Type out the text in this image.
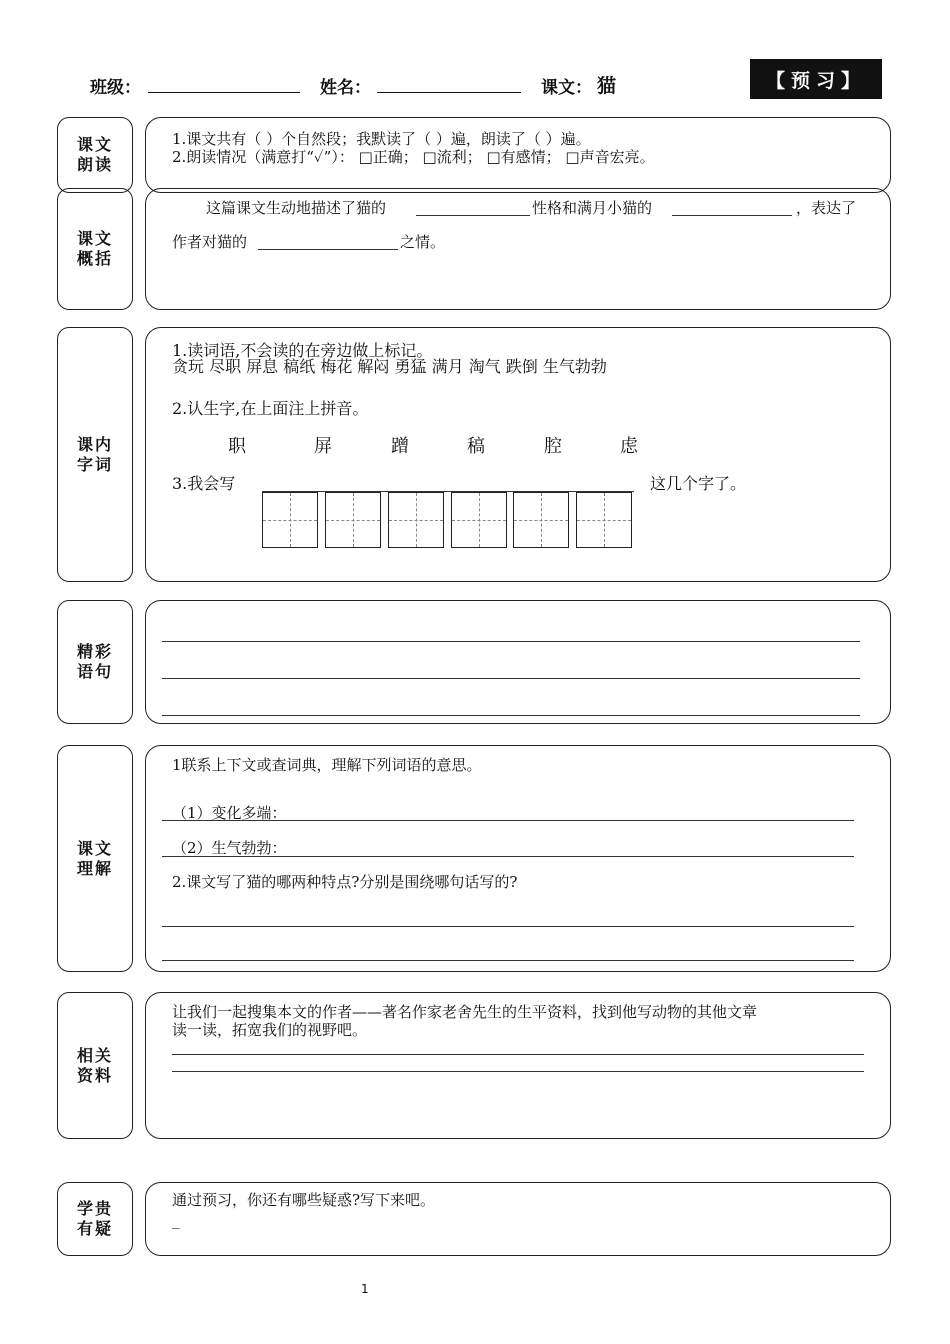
班级：	姓名：	课文： 猫	【预习】
课文朗读
1.课文共有（ ）个自然段；我默读了（ ）遍，朗读了（ ）遍。
2.朗读情况（满意打“✓”）： □正确； □流利； □有感情； □声音宏亮。
课文概括
这篇课文生动地描述了猫的	性格和满月小猫的	，表达了
作者对猫的	之情。
课内字词
1.读词语,不会读的在旁边做上标记。
贪玩 尽职 屏息 稿纸 梅花 解闷 勇猛 满月 淘气 跌倒 生气勃勃
2.认生字,在上面注上拼音。
3.我会写	这几个字了。
职	屏	蹭	稿	腔	虑
精彩语句
课文理解
1联系上下文或查词典，理解下列词语的意思。
（1）变化多端：
（2）生气勃勃：
2.课文写了猫的哪两种特点?分别是围绕哪句话写的?
相关资料
让我们一起搜集本文的作者——著名作家老舍先生的生平资料，找到他写动物的其他文章
读一读，拓宽我们的视野吧。
学贵有疑
通过预习，你还有哪些疑惑?写下来吧。
_
1
